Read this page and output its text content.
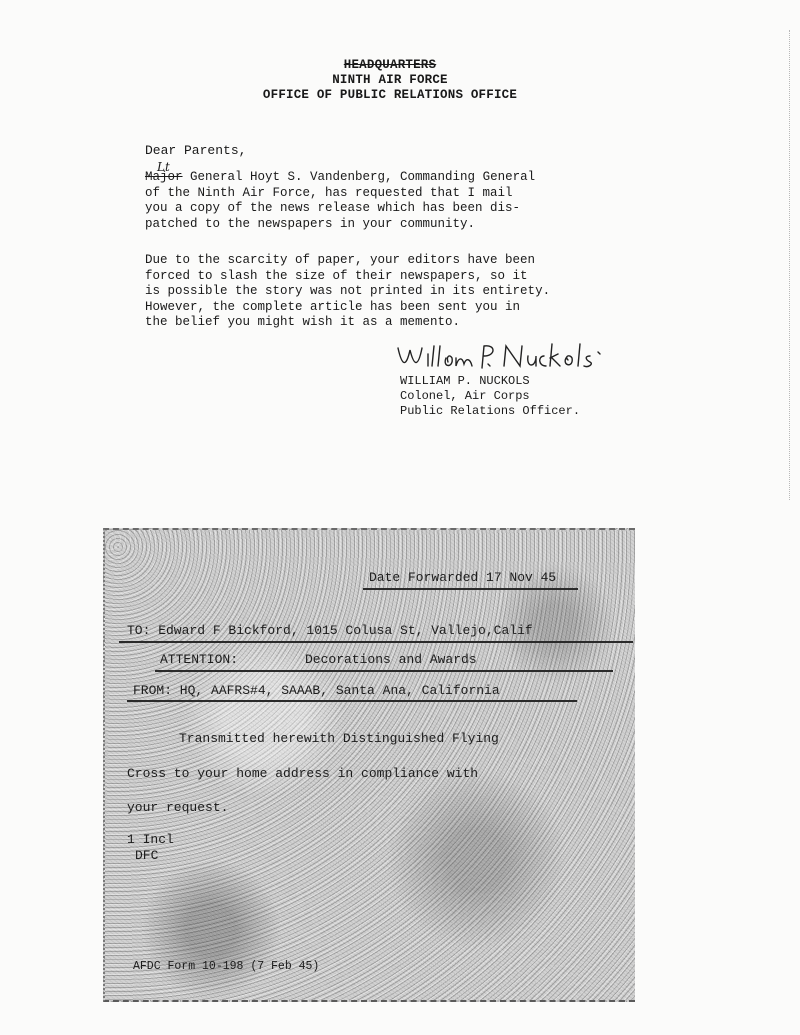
HEADQUARTERS
NINTH AIR FORCE
OFFICE OF PUBLIC RELATIONS OFFICE
Dear Parents,
Major
Lt
General Hoyt S. Vandenberg, Commanding General
of the Ninth Air Force, has requested that I mail
you a copy of the news release which has been dis-
patched to the newspapers in your community.
Due to the scarcity of paper, your editors have been
forced to slash the size of their newspapers, so it
is possible the story was not printed in its entirety.
However, the complete article has been sent you in
the belief you might wish it as a memento.
WILLIAM P. NUCKOLS
Colonel, Air Corps
Public Relations Officer.
Date Forwarded 17 Nov 45
TO: Edward F Bickford, 1015 Colusa St, Vallejo,Calif
ATTENTION:	Decorations and Awards
FROM: HQ, AAFRS#4, SAAAB, Santa Ana, California
Transmitted herewith Distinguished Flying
Cross to your home address in compliance with
your request.
1 Incl
DFC
AFDC Form 10-198 (7 Feb 45)
